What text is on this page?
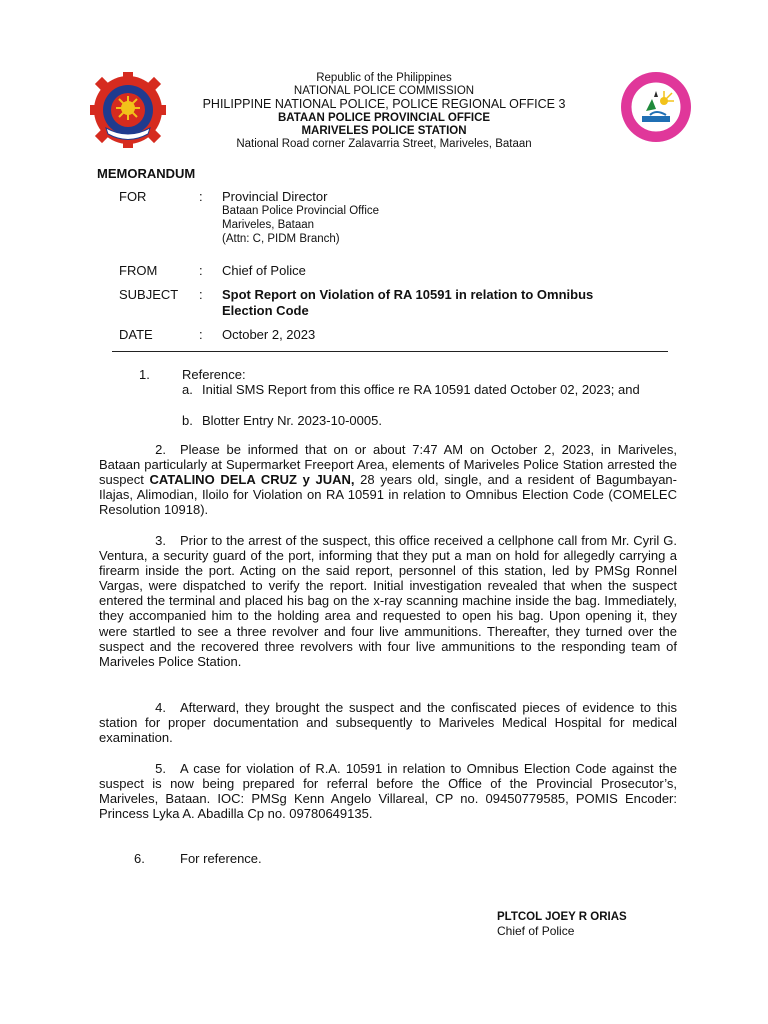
Republic of the Philippines
NATIONAL POLICE COMMISSION
PHILIPPINE NATIONAL POLICE, POLICE REGIONAL OFFICE 3
BATAAN POLICE PROVINCIAL OFFICE
MARIVELES POLICE STATION
National Road corner Zalavarria Street, Mariveles, Bataan
MEMORANDUM
FOR	: Provincial Director
Bataan Police Provincial Office
Mariveles, Bataan
(Attn: C, PIDM Branch)
FROM	: Chief of Police
SUBJECT : Spot Report on Violation of RA 10591 in relation to Omnibus
Election Code
DATE	: October 2, 2023
1. Reference:
a. Initial SMS Report from this office re RA 10591 dated October 02, 2023; and
b. Blotter Entry Nr. 2023-10-0005.
2. Please be informed that on or about 7:47 AM on October 2, 2023, in Mariveles, Bataan particularly at Supermarket Freeport Area, elements of Mariveles Police Station arrested the suspect CATALINO DELA CRUZ y JUAN, 28 years old, single, and a resident of Bagumbayan-Ilajas, Alimodian, Iloilo for Violation on RA 10591 in relation to Omnibus Election Code (COMELEC Resolution 10918).
3. Prior to the arrest of the suspect, this office received a cellphone call from Mr. Cyril G. Ventura, a security guard of the port, informing that they put a man on hold for allegedly carrying a firearm inside the port. Acting on the said report, personnel of this station, led by PMSg Ronnel Vargas, were dispatched to verify the report. Initial investigation revealed that when the suspect entered the terminal and placed his bag on the x-ray scanning machine inside the bag. Immediately, they accompanied him to the holding area and requested to open his bag. Upon opening it, they were startled to see a three revolver and four live ammunitions. Thereafter, they turned over the suspect and the recovered three revolvers with four live ammunitions to the responding team of Mariveles Police Station.
4. Afterward, they brought the suspect and the confiscated pieces of evidence to this station for proper documentation and subsequently to Mariveles Medical Hospital for medical examination.
5. A case for violation of R.A. 10591 in relation to Omnibus Election Code against the suspect is now being prepared for referral before the Office of the Provincial Prosecutor’s, Mariveles, Bataan. IOC: PMSg Kenn Angelo Villareal, CP no. 09450779585, POMIS Encoder: Princess Lyka A. Abadilla Cp no. 09780649135.
6.	For reference.
PLTCOL JOEY R ORIAS
Chief of Police
